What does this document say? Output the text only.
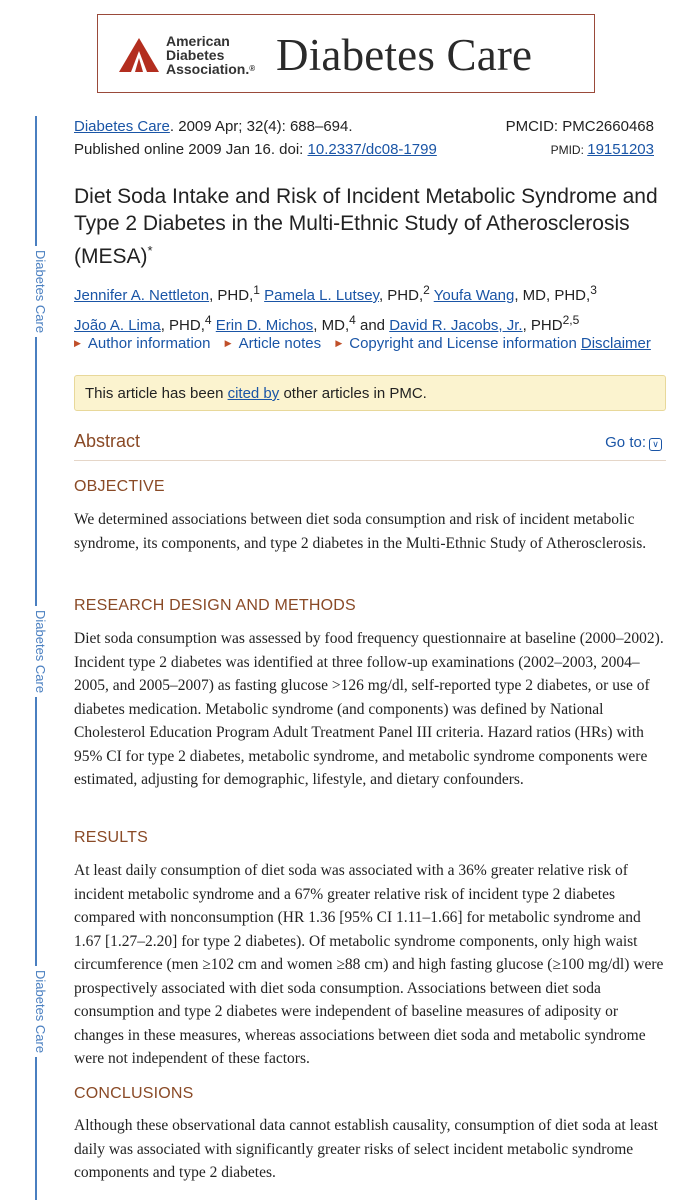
American
Diabetes
Association.® Diabetes Care
Diabetes Care
Diabetes Care
Diabetes Care
Diabetes Care. 2009 Apr; 32(4): 688–694.
Published online 2009 Jan 16. doi: 10.2337/dc08-1799
PMCID: PMC2660468
PMID: 19151203
Diet Soda Intake and Risk of Incident Metabolic Syndrome and Type 2 Diabetes in the Multi-Ethnic Study of Atherosclerosis (MESA)*
Jennifer A. Nettleton, PHD,$^1$ Pamela L. Lutsey, PHD,$^2$ Youfa Wang, MD, PHD,$^3$
João A. Lima, PHD,$^4$ Erin D. Michos, MD,$^4$ and David R. Jacobs, Jr., PHD$^{2,5}$
▶ Author information ▶ Article notes ▶ Copyright and License information Disclaimer
This article has been cited by other articles in PMC.
Abstract	Go to: ∨
OBJECTIVE
We determined associations between diet soda consumption and risk of incident metabolic syndrome, its components, and type 2 diabetes in the Multi-Ethnic Study of Atherosclerosis.
RESEARCH DESIGN AND METHODS
Diet soda consumption was assessed by food frequency questionnaire at baseline (2000–2002). Incident type 2 diabetes was identified at three follow-up examinations (2002–2003, 2004–2005, and 2005–2007) as fasting glucose >126 mg/dl, self-reported type 2 diabetes, or use of diabetes medication. Metabolic syndrome (and components) was defined by National Cholesterol Education Program Adult Treatment Panel III criteria. Hazard ratios (HRs) with 95% CI for type 2 diabetes, metabolic syndrome, and metabolic syndrome components were estimated, adjusting for demographic, lifestyle, and dietary confounders.
RESULTS
At least daily consumption of diet soda was associated with a 36% greater relative risk of incident metabolic syndrome and a 67% greater relative risk of incident type 2 diabetes compared with nonconsumption (HR 1.36 [95% CI 1.11–1.66] for metabolic syndrome and 1.67 [1.27–2.20] for type 2 diabetes). Of metabolic syndrome components, only high waist circumference (men ≥102 cm and women ≥88 cm) and high fasting glucose (≥100 mg/dl) were prospectively associated with diet soda consumption. Associations between diet soda consumption and type 2 diabetes were independent of baseline measures of adiposity or changes in these measures, whereas associations between diet soda and metabolic syndrome were not independent of these factors.
CONCLUSIONS
Although these observational data cannot establish causality, consumption of diet soda at least daily was associated with significantly greater risks of select incident metabolic syndrome components and type 2 diabetes.
